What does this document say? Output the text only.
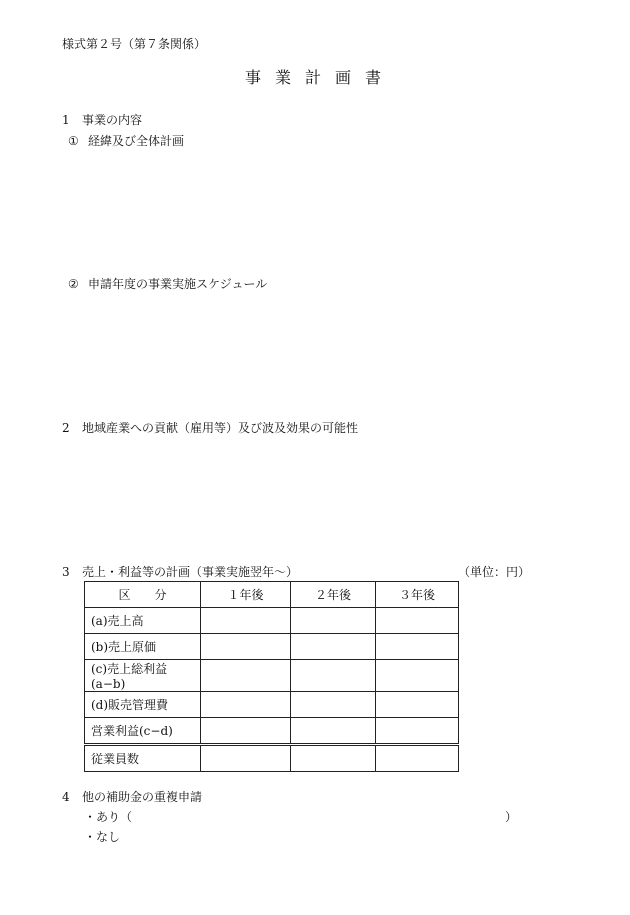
様式第２号（第７条関係）
事業計画書
1 事業の内容
① 経緯及び全体計画
② 申請年度の事業実施スケジュール
2 地域産業への貢献（雇用等）及び波及効果の可能性
3 売上・利益等の計画（事業実施翌年～）	（単位：円）
区　　分	１年後	２年後	３年後
(a)売上高			
(b)売上原価			
(c)売上総利益(a−b)			
(d)販売管理費			
営業利益(c−d)			
従業員数			
4 他の補助金の重複申請
・あり（	）
・なし
